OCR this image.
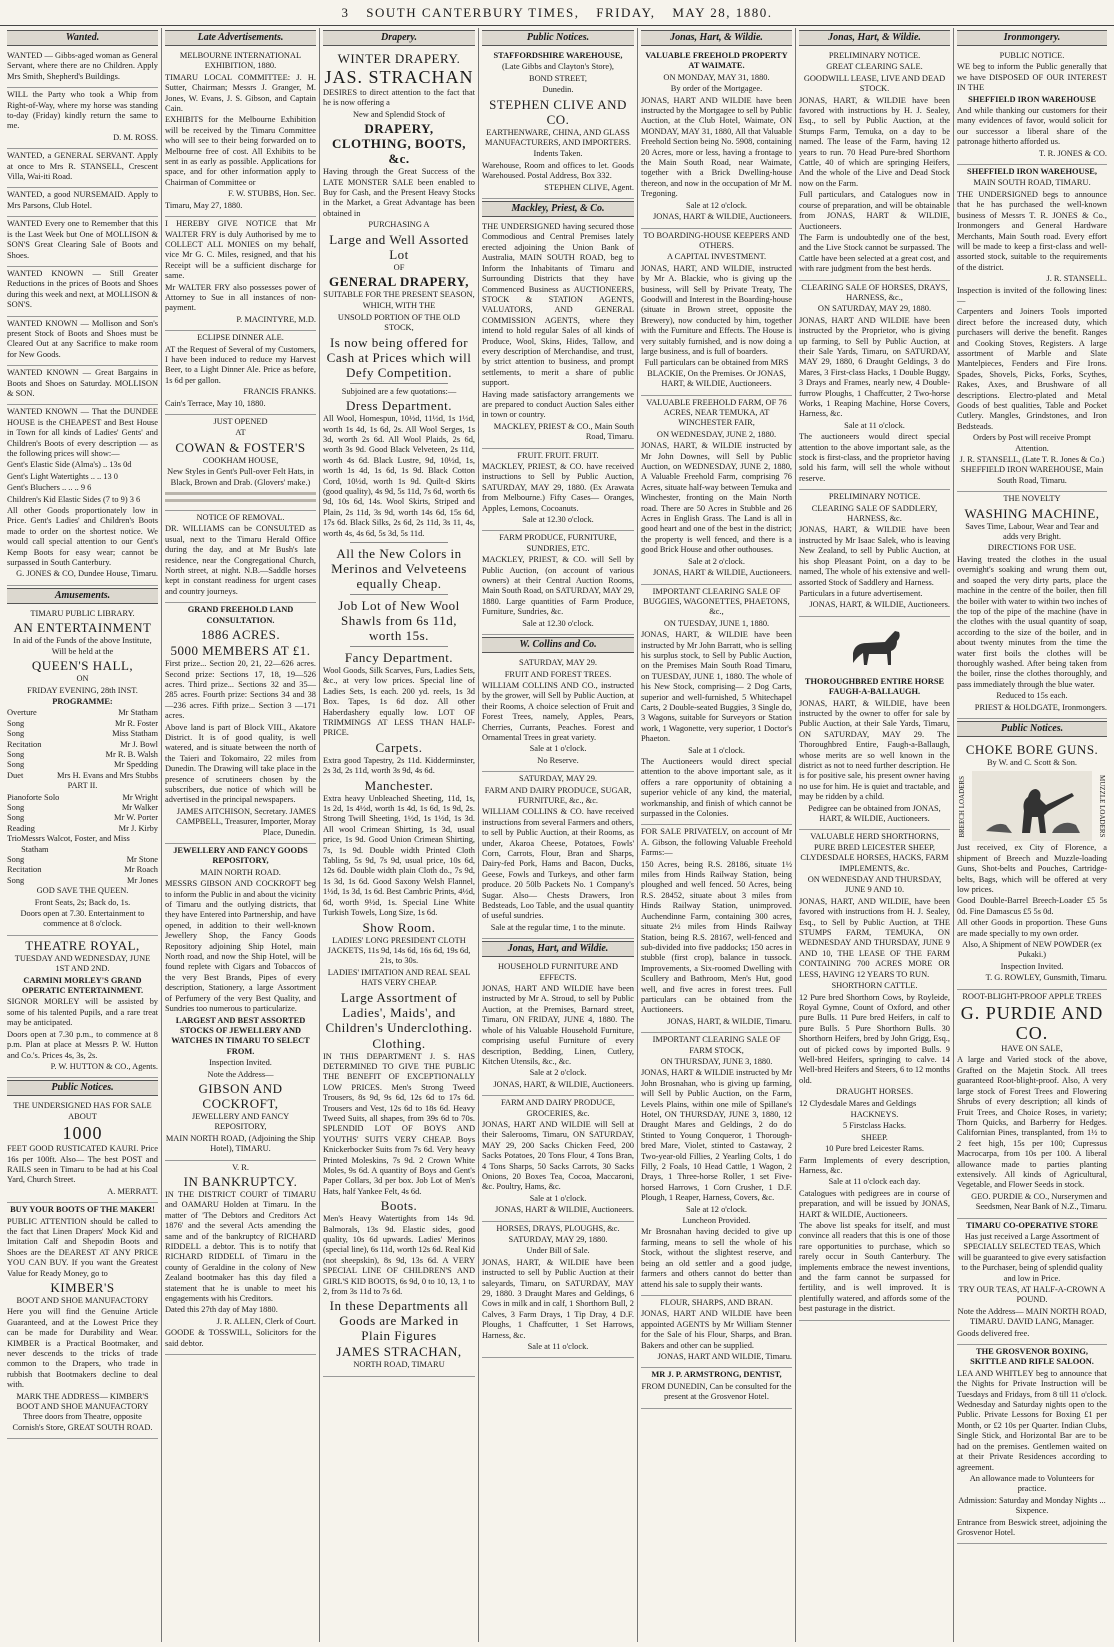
3 SOUTH CANTERBURY TIMES, FRIDAY, MAY 28, 1880.
Wanted.

WANTED — Gibbs-aged woman as General Servant, where there are no Children. Apply Mrs Smith, Shepherd's Buildings.

WILL the Party who took a Whip from Right-of-Way, where my horse was standing to-day (Friday) kindly return the same to me.

D. M. ROSS.

WANTED, a GENERAL SERVANT. Apply at once to Mrs R. STANSELL, Crescent Villa, Wai-iti Road.

WANTED, a good NURSEMAID. Apply to Mrs Parsons, Club Hotel.

WANTED Every one to Remember that this is the Last Week but One of MOLLISON & SON'S Great Clearing Sale of Boots and Shoes.

WANTED KNOWN — Still Greater Reductions in the prices of Boots and Shoes during this week and next, at MOLLISON & SON'S.

WANTED KNOWN — Mollison and Son's present Stock of Boots and Shoes must be Cleared Out at any Sacrifice to make room for New Goods.

WANTED KNOWN — Great Bargains in Boots and Shoes on Saturday. MOLLISON & SON.

WANTED KNOWN — That the DUNDEE HOUSE is the CHEAPEST and Best House in Town for all kinds of Ladies' Gents' and Children's Boots of every description — as the following prices will show:—

Gent's Elastic Side (Alma's) .. 13s 0d

Gent's Light Watertights .. .. 13 0

Gent's Bluchers .. .. .. 9 6

Children's Kid Elastic Sides (7 to 9) 3 6

All other Goods proportionately low in Price. Gent's Ladies' and Children's Boots made to order on the shortest notice. We would call special attention to our Gent's Kemp Boots for easy wear; cannot be surpassed in South Canterbury.

G. JONES & CO, Dundee House, Timaru.

Amusements.

TIMARU PUBLIC LIBRARY.

AN ENTERTAINMENT

In aid of the Funds of the above Institute, Will be held at the

QUEEN'S HALL,

ON

FRIDAY EVENING, 28th INST.

PROGRAMME:

Overture	Mr Statham
Song	Mr R. Foster
Song	Miss Statham
Recitation	Mr J. Bowl
Song	Mr R. B. Walsh
Song	Mr Spedding
Duet	Mrs H. Evans and Mrs Stubbs

PART II.

Pianoforte Solo	Mr Wright
Song	Mr Walker
Song	Mr W. Porter
Reading	Mr J. Kirby
Trio Messrs Walcot, Foster, and Miss Statham
Song	Mr Stone
Recitation	Mr Roach
Song	Mr Jones

GOD SAVE THE QUEEN.

Front Seats, 2s; Back do, 1s.

Doors open at 7.30. Entertainment to commence at 8 o'clock.

THEATRE ROYAL,

TUESDAY AND WEDNESDAY, JUNE 1ST AND 2ND.

CARMINI MORLEY'S GRAND OPERATIC ENTERTAINMENT.

SIGNOR MORLEY will be assisted by some of his talented Pupils, and a rare treat may be anticipated.

Doors open at 7.30 p.m., to commence at 8 p.m. Plan at place at Messrs P. W. Hutton and Co.'s. Prices 4s, 3s, 2s.

P. W. HUTTON & CO., Agents.

Public Notices.

THE UNDERSIGNED HAS FOR SALE ABOUT

1000

FEET GOOD RUSTICATED KAURI. Price 16s per 100ft. Also— The best POST and RAILS seen in Timaru to be had at his Coal Yard, Church Street.

A. MERRATT.

BUY YOUR BOOTS OF THE MAKER!

PUBLIC ATTENTION should be called to the fact that Linen Drapers' Mock Kid and Imitation Calf and Shepodin Boots and Shoes are the DEAREST AT ANY PRICE YOU CAN BUY. If you want the Greatest Value for Ready Money, go to

KIMBER'S

BOOT AND SHOE MANUFACTORY

Here you will find the Genuine Article Guaranteed, and at the Lowest Price they can be made for Durability and Wear. KIMBER is a Practical Bootmaker, and never descends to the tricks of trade common to the Drapers, who trade in rubbish that Bootmakers decline to deal with.

MARK THE ADDRESS— KIMBER'S BOOT AND SHOE MANUFACTORY Three doors from Theatre, opposite Cornish's Store, GREAT SOUTH ROAD.

Late Advertisements.

MELBOURNE INTERNATIONAL EXHIBITION, 1880.

TIMARU LOCAL COMMITTEE: J. H. Sutter, Chairman; Messrs J. Granger, M. Jones, W. Evans, J. S. Gibson, and Captain Cain.

EXHIBITS for the Melbourne Exhibition will be received by the Timaru Committee who will see to their being forwarded on to Melbourne free of cost. All Exhibits to be sent in as early as possible. Applications for space, and for other information apply to Chairman of Committee or

F. W. STUBBS, Hon. Sec.

Timaru, May 27, 1880.

I HEREBY GIVE NOTICE that Mr WALTER FRY is duly Authorised by me to COLLECT ALL MONIES on my behalf, vice Mr G. C. Miles, resigned, and that his Receipt will be a sufficient discharge for same.

Mr WALTER FRY also possesses power of Attorney to Sue in all instances of non-payment.

P. MACINTYRE, M.D.

ECLIPSE DINNER ALE.

AT the Request of Several of my Customers, I have been induced to reduce my Harvest Beer, to a Light Dinner Ale. Price as before, 1s 6d per gallon.

FRANCIS FRANKS.

Cain's Terrace, May 10, 1880.

JUST OPENED

AT

COWAN & FOSTER'S

COOKHAM HOUSE,

New Styles in Gent's Pull-over Felt Hats, in Black, Brown and Drab. (Glovers' make.)

NOTICE OF REMOVAL.

DR. WILLIAMS can be CONSULTED as usual, next to the Timaru Herald Office during the day, and at Mr Bush's late residence, near the Congregational Church, North street, at night. N.B.—Saddle horses kept in constant readiness for urgent cases and country journeys.

GRAND FREEHOLD LAND CONSULTATION.

1886 ACRES.

5000 MEMBERS AT £1.

First prize... Section 20, 21, 22—626 acres. Second prize: Sections 17, 18, 19—526 acres. Third prize... Sections 32 and 35—285 acres. Fourth prize: Sections 34 and 38—236 acres. Fifth prize... Section 3 —171 acres.

Above land is part of Block VIII., Akatore District. It is of good quality, is well watered, and is situate between the north of the Taieri and Tokomairo, 22 miles from Dunedin. The Drawing will take place in the presence of scrutineers chosen by the subscribers, due notice of which will be advertised in the principal newspapers.

JAMES AITCHISON, Secretary. JAMES CAMPBELL, Treasurer, Importer, Moray Place, Dunedin.

JEWELLERY AND FANCY GOODS REPOSITORY,

MAIN NORTH ROAD.

MESSRS GIBSON AND COCKROFT beg to inform the Public in and about the vicinity of Timaru and the outlying districts, that they have Entered into Partnership, and have opened, in addition to their well-known Jewellery Shop, the Fancy Goods Repository adjoining Ship Hotel, main North road, and now the Ship Hotel, will be found replete with Cigars and Tobaccos of the very Best Brands, Pipes of every description, Stationery, a large Assortment of Perfumery of the very Best Quality, and Sundries too numerous to particularize.

LARGEST AND BEST ASSORTED STOCKS OF JEWELLERY AND WATCHES IN TIMARU TO SELECT FROM.

Inspection Invited.

Note the Address—

GIBSON AND COCKROFT,

JEWELLERY AND FANCY REPOSITORY,

MAIN NORTH ROAD, (Adjoining the Ship Hotel), TIMARU.

V. R.

IN BANKRUPTCY.

IN THE DISTRICT COURT of TIMARU and OAMARU Holden at Timaru. In the matter of 'The Debtors and Creditors Act 1876' and the several Acts amending the same and of the bankruptcy of RICHARD RIDDELL a debtor. This is to notify that RICHARD RIDDELL of Timaru in the county of Geraldine in the colony of New Zealand bootmaker has this day filed a statement that he is unable to meet his engagements with his Creditors.

Dated this 27th day of May 1880.

J. R. ALLEN, Clerk of Court.

GOODE & TOSSWILL, Solicitors for the said debtor.

Drapery.

WINTER DRAPERY.

JAS. STRACHAN

DESIRES to direct attention to the fact that he is now offering a

New and Splendid Stock of

DRAPERY, CLOTHING, BOOTS, &c.

Having through the Great Success of the LATE MONSTER SALE been enabled to Buy for Cash, and the Present Heavy Stocks in the Market, a Great Advantage has been obtained in

PURCHASING A

Large and Well Assorted Lot

OF

GENERAL DRAPERY,

SUITABLE FOR THE PRESENT SEASON,

WHICH, WITH THE

UNSOLD PORTION OF THE OLD STOCK,

Is now being offered for Cash at Prices which will Defy Competition.

Subjoined are a few quotations:—

Dress Department.

All Wool, Homespun, 10½d, 11½d, 1s 1½d, worth 1s 4d, 1s 6d, 2s. All Wool Serges, 1s 3d, worth 2s 6d. All Wool Plaids, 2s 6d, worth 3s 9d. Good Black Velveteen, 2s 11d, worth 4s 6d. Black Lustre, 9d, 10½d, 1s, worth 1s 4d, 1s 6d, 1s 9d. Black Cotton Cord, 10½d, worth 1s 9d. Quilt-d Skirts (good quality), 4s 9d, 5s 11d, 7s 6d, worth 6s 9d, 10s 6d, 14s. Wool Skirts, Striped and Plain, 2s 11d, 3s 9d, worth 14s 6d, 15s 6d, 17s 6d. Black Silks, 2s 6d, 2s 11d, 3s 11, 4s, worth 4s, 4s 6d, 5s 3d, 5s 11d.

All the New Colors in Merinos and Velveteens equally Cheap.

Job Lot of New Wool Shawls from 6s 11d, worth 15s.

Fancy Department.

Wool Goods, Silk Scarves, Furs, Ladies Sets, &c., at very low prices. Special line of Ladies Sets, 1s each. 200 yd. reels, 1s 3d Box. Tapes, 1s 6d doz. All other Haberdashery equally low. LOT OF TRIMMINGS AT LESS THAN HALF-PRICE.

Carpets.

Extra good Tapestry, 2s 11d. Kidderminster, 2s 3d, 2s 11d, worth 3s 9d, 4s 6d.

Manchester.

Extra heavy Unbleached Sheeting, 11d, 1s, 1s 2d, 1s 4½d, worth 1s 4d, 1s 6d, 1s 9d, 2s. Strong Twill Sheeting, 1½d, 1s 1½d, 1s 3d. All wool Crimean Shirting, 1s 3d, usual price, 1s 9d. Good Union Crimean Shirting, 7s, 1s 9d. Double width Printed Cloth Tabling, 5s 9d, 7s 9d, usual price, 10s 6d, 12s 6d. Double width plain Cloth do., 7s 9d, 1s 3d, 1s 6d. Good Saxony Welsh Flannel, 1½d, 1s 3d, 1s 6d. Best Cambric Prints, 4½d, 6d, worth 9½d, 1s. Special Line White Turkish Towels, Long Size, 1s 6d.

Show Room.

LADIES' LONG PRESIDENT CLOTH JACKETS, 11s 9d, 14s 6d, 16s 6d, 19s 6d, 21s, to 30s.

LADIES' IMITATION AND REAL SEAL HATS VERY CHEAP.

Large Assortment of Ladies', Maids', and Children's Underclothing.

Clothing.

IN THIS DEPARTMENT J. S. HAS DETERMINED TO GIVE THE PUBLIC THE BENEFIT OF EXCEPTIONALLY LOW PRICES. Men's Strong Tweed Trousers, 8s 9d, 9s 6d, 12s 6d to 17s 6d. Trousers and Vest, 12s 6d to 18s 6d. Heavy Tweed Suits, all shapes, from 39s 6d to 70s. SPLENDID LOT OF BOYS AND YOUTHS' SUITS VERY CHEAP. Boys Knickerbocker Suits from 7s 6d. Very heavy Printed Moleskins, 7s 9d. 2 Crown White Moles, 9s 6d. A quantity of Boys and Gent's Paper Collars, 3d per box. Job Lot of Men's Hats, half Yankee Felt, 4s 6d.

Boots.

Men's Heavy Watertights from 14s 9d. Balmorals, 13s 9d. Elastic sides, good quality, 10s 6d upwards. Ladies' Merinos (special line), 6s 11d, worth 12s 6d. Real Kid (not sheepskin), 8s 9d, 13s 6d. A VERY SPECIAL LINE OF CHILDREN'S AND GIRL'S KID BOOTS, 6s 9d, 0 to 10, 13, 1 to 2, from 3s 11d to 7s 6d.

In these Departments all Goods are Marked in Plain Figures

JAMES STRACHAN,

NORTH ROAD, TIMARU

Public Notices.

STAFFORDSHIRE WAREHOUSE,

(Late Gibbs and Clayton's Store),

BOND STREET,

Dunedin.

STEPHEN CLIVE AND CO.

EARTHENWARE, CHINA, AND GLASS MANUFACTURERS, AND IMPORTERS.

Indents Taken.

Warehouse, Room and offices to let. Goods Warehoused. Postal Address, Box 332.

STEPHEN CLIVE, Agent.

Mackley, Priest, & Co.

THE UNDERSIGNED having secured those Commodious and Central Premises lately erected adjoining the Union Bank of Australia, MAIN SOUTH ROAD, beg to Inform the Inhabitants of Timaru and Surrounding Districts that they have Commenced Business as AUCTIONEERS, STOCK & STATION AGENTS, VALUATORS, AND GENERAL COMMISSION AGENTS, where they intend to hold regular Sales of all kinds of Produce, Wool, Skins, Hides, Tallow, and every description of Merchandise, and trust, by strict attention to business, and prompt settlements, to merit a share of public support.

Having made satisfactory arrangements we are prepared to conduct Auction Sales either in town or country.

MACKLEY, PRIEST & CO., Main South Road, Timaru.

FRUIT. FRUIT. FRUIT.

MACKLEY, PRIEST, & CO. have received instructions to Sell by Public Auction, SATURDAY, MAY 29, 1880. (Ex Arawata from Melbourne.) Fifty Cases— Oranges, Apples, Lemons, Cocoanuts.

Sale at 12.30 o'clock.

FARM PRODUCE, FURNITURE, SUNDRIES, ETC.

MACKLEY, PRIEST, & CO. will Sell by Public Auction, (on account of various owners) at their Central Auction Rooms, Main South Road, on SATURDAY, MAY 29, 1880. Large quantities of Farm Produce, Furniture, Sundries, &c.

Sale at 12.30 o'clock.

W. Collins and Co.

SATURDAY, MAY 29.

FRUIT AND FOREST TREES.

WILLIAM COLLINS AND CO., instructed by the grower, will Sell by Public Auction, at their Rooms, A choice selection of Fruit and Forest Trees, namely, Apples, Pears, Cherries, Currants, Peaches. Forest and Ornamental Trees in great variety.

Sale at 1 o'clock.

No Reserve.

SATURDAY, MAY 29.

FARM AND DAIRY PRODUCE, SUGAR, FURNITURE, &c., &c.

WILLIAM COLLINS & CO. have received instructions from several Farmers and others, to sell by Public Auction, at their Rooms, as under, Akaroa Cheese, Potatoes, Fowls' Corn, Carrots, Flour, Bran and Sharps, Dairy-fed Pork, Hams and Bacon, Ducks, Geese, Fowls and Turkeys, and other farm produce. 20 50lb Packets No. 1 Company's Sugar. Also— Chests Drawers, Iron Bedsteads, Loo Table, and the usual quantity of useful sundries.

Sale at the regular time, 1 to the minute.

Jonas, Hart, and Wildie.

HOUSEHOLD FURNITURE AND EFFECTS.

JONAS, HART AND WILDIE have been instructed by Mr A. Stroud, to sell by Public Auction, at the Premises, Barnard street, Timaru, ON FRIDAY, JUNE 4, 1880. The whole of his Valuable Household Furniture, comprising useful Furniture of every description, Bedding, Linen, Cutlery, Kitchen Utensils, &c., &c.

Sale at 2 o'clock.

JONAS, HART, & WILDIE, Auctioneers.

FARM AND DAIRY PRODUCE, GROCERIES, &c.

JONAS, HART AND WILDIE will Sell at their Salerooms, Timaru, ON SATURDAY, MAY 29, 200 Sacks Chicken Feed, 200 Sacks Potatoes, 20 Tons Flour, 4 Tons Bran, 4 Tons Sharps, 50 Sacks Carrots, 30 Sacks Onions, 20 Boxes Tea, Cocoa, Maccaroni, &c. Poultry, Hams, &c.

Sale at 1 o'clock.

JONAS, HART & WILDIE, Auctioneers.

HORSES, DRAYS, PLOUGHS, &c.

SATURDAY, MAY 29, 1880.

Under Bill of Sale.

JONAS, HART, & WILDIE have been instructed to sell by Public Auction at their saleyards, Timaru, on SATURDAY, MAY 29, 1880. 3 Draught Mares and Geldings, 6 Cows in milk and in calf, 1 Shorthorn Bull, 2 Calves, 3 Farm Drays, 1 Tip Dray, 4 D.F. Ploughs, 1 Chaffcutter, 1 Set Harrows, Harness, &c.

Sale at 11 o'clock.

Jonas, Hart, & Wildie.

VALUABLE FREEHOLD PROPERTY AT WAIMATE.

ON MONDAY, MAY 31, 1880.

By order of the Mortgagee.

JONAS, HART AND WILDIE have been instructed by the Mortgagee to sell by Public Auction, at the Club Hotel, Waimate, ON MONDAY, MAY 31, 1880, All that Valuable Freehold Section being No. 5908, containing 20 Acres, more or less, having a frontage to the Main South Road, near Waimate, together with a Brick Dwelling-house thereon, and now in the occupation of Mr M. Tregoning.

Sale at 12 o'clock.

JONAS, HART & WILDIE, Auctioneers.

TO BOARDING-HOUSE KEEPERS AND OTHERS.

A CAPITAL INVESTMENT.

JONAS, HART, AND WILDIE, instructed by Mr A. Blackie, who is giving up the business, will Sell by Private Treaty, The Goodwill and Interest in the Boarding-house (situate in Brown street, opposite the Brewery), now conducted by him, together with the Furniture and Effects. The House is very suitably furnished, and is now doing a large business, and is full of boarders.

Full particulars can be obtained from MRS BLACKIE, On the Premises. Or JONAS, HART, & WILDIE, Auctioneers.

VALUABLE FREEHOLD FARM, OF 76 ACRES, NEAR TEMUKA, AT WINCHESTER FAIR,

ON WEDNESDAY, JUNE 2, 1880.

JONAS, HART, & WILDIE instructed by Mr John Downes, will Sell by Public Auction, on WEDNESDAY, JUNE 2, 1880, A Valuable Freehold Farm, comprising 76 Acres, situate half-way between Temuka and Winchester, fronting on the Main North road. There are 50 Acres in Stubble and 26 Acres in English Grass. The Land is all in good heart and one of the best in the district; the property is well fenced, and there is a good Brick House and other outhouses.

Sale at 2 o'clock.

JONAS, HART & WILDIE, Auctioneers.

IMPORTANT CLEARING SALE OF BUGGIES, WAGONETTES, PHAETONS, &c.,

ON TUESDAY, JUNE 1, 1880.

JONAS, HART, & WILDIE have been instructed by Mr John Barratt, who is selling his surplus stock, to Sell by Public Auction, on the Premises Main South Road Timaru, on TUESDAY, JUNE 1, 1880. The whole of his New Stock, comprising— 2 Dog Carts, superior and well-furnished, 5 Whitechapel Carts, 2 Double-seated Buggies, 3 Single do, 3 Wagons, suitable for Surveyors or Station work, 1 Wagonette, very superior, 1 Doctor's Phaeton.

Sale at 1 o'clock.

The Auctioneers would direct special attention to the above important sale, as it offers a rare opportunity of obtaining a superior vehicle of any kind, the material, workmanship, and finish of which cannot be surpassed in the Colonies.

FOR SALE PRIVATELY, on account of Mr A. Gibson, the following Valuable Freehold Farms:—

150 Acres, being R.S. 28186, situate 1½ miles from Hinds Railway Station, being ploughed and well fenced. 50 Acres, being R.S. 28452, situate about 3 miles from Hinds Railway Station, unimproved. Auchendinne Farm, containing 300 acres, situate 2½ miles from Hinds Railway Station, being R.S. 28167, well-fenced and sub-divided into five paddocks; 150 acres in stubble (first crop), balance in tussock. Improvements, a Six-roomed Dwelling with Scullery and Bathroom, Men's Hut, good well, and five acres in forest trees. Full particulars can be obtained from the Auctioneers.

JONAS, HART, & WILDIE, Timaru.

IMPORTANT CLEARING SALE OF FARM STOCK,

ON THURSDAY, JUNE 3, 1880.

JONAS, HART & WILDIE instructed by Mr John Brosnahan, who is giving up farming, will Sell by Public Auction, on the Farm, Levels Plains, within one mile of Spillane's Hotel, ON THURSDAY, JUNE 3, 1880, 12 Draught Mares and Geldings, 2 do do Stinted to Young Conqueror, 1 Thorough-bred Mare, Violet, stinted to Castaway, 2 Two-year-old Fillies, 2 Yearling Colts, 1 do Filly, 2 Foals, 10 Head Cattle, 1 Wagon, 2 Drays, 1 Three-horse Roller, 1 set Five-horsed Harrows, 1 Corn Crusher, 1 D.F. Plough, 1 Reaper, Harness, Covers, &c.

Sale at 12 o'clock.

Luncheon Provided.

Mr Brosnahan having decided to give up farming, means to sell the whole of his Stock, without the slightest reserve, and being an old settler and a good judge, farmers and others cannot do better than attend his sale to supply their wants.

FLOUR, SHARPS, AND BRAN.

JONAS, HART AND WILDIE have been appointed AGENTS by Mr William Stenner for the Sale of his Flour, Sharps, and Bran. Bakers and other can be supplied.

JONAS, HART AND WILDIE, Timaru.

MR J. P. ARMSTRONG, DENTIST,

FROM DUNEDIN, Can be consulted for the present at the Grosvenor Hotel.

Jonas, Hart, & Wildie.

PRELIMINARY NOTICE.

GREAT CLEARING SALE.

GOODWILL LEASE, LIVE AND DEAD STOCK.

JONAS, HART, & WILDIE have been favored with instructions by H. J. Sealey, Esq., to sell by Public Auction, at the Stumps Farm, Temuka, on a day to be named. The lease of the Farm, having 12 years to run. 70 Head Pure-bred Shorthorn Cattle, 40 of which are springing Heifers, And the whole of the Live and Dead Stock now on the Farm.

Full particulars, and Catalogues now in course of preparation, and will be obtainable from JONAS, HART & WILDIE, Auctioneers.

The Farm is undoubtedly one of the best, and the Live Stock cannot be surpassed. The Cattle have been selected at a great cost, and with rare judgment from the best herds.

CLEARING SALE OF HORSES, DRAYS, HARNESS, &c.,

ON SATURDAY, MAY 29, 1880.

JONAS, HART AND WILDIE have been instructed by the Proprietor, who is giving up farming, to Sell by Public Auction, at their Sale Yards, Timaru, on SATURDAY, MAY 29, 1880, 6 Draught Geldings, 3 do Mares, 3 First-class Hacks, 1 Double Buggy, 3 Drays and Frames, nearly new, 4 Double-furrow Ploughs, 1 Chaffcutter, 2 Two-horse Works, 1 Reaping Machine, Horse Covers, Harness, &c.

Sale at 11 o'clock.

The auctioneers would direct special attention to the above important sale, as the stock is first-class, and the proprietor having sold his farm, will sell the whole without reserve.

PRELIMINARY NOTICE.

CLEARING SALE OF SADDLERY, HARNESS, &c.

JONAS, HART, & WILDIE have been instructed by Mr Isaac Salek, who is leaving New Zealand, to sell by Public Auction, at his shop Pleasant Point, on a day to be named, The whole of his extensive and well-assorted Stock of Saddlery and Harness.

Particulars in a future advertisement.

JONAS, HART, & WILDIE, Auctioneers.

THOROUGHBRED ENTIRE HORSE FAUGH-A-BALLAUGH.

JONAS, HART, & WILDIE, have been instructed by the owner to offer for sale by Public Auction, at their Sale Yards, Timaru, ON SATURDAY, MAY 29. The Thoroughbred Entire, Faugh-a-Ballaugh, whose merits are so well known in the district as not to need further description. He is for positive sale, his present owner having no use for him. He is quiet and tractable, and may be ridden by a child.

Pedigree can be obtained from JONAS, HART, & WILDIE, Auctioneers.

VALUABLE HERD SHORTHORNS, PURE BRED LEICESTER SHEEP, CLYDESDALE HORSES, HACKS, FARM IMPLEMENTS, &c.

ON WEDNESDAY AND THURSDAY, JUNE 9 AND 10.

JONAS, HART, AND WILDIE, have been favored with instructions from H. J. Sealey, Esq., to Sell by Public Auction, at THE STUMPS FARM, TEMUKA, ON WEDNESDAY AND THURSDAY, JUNE 9 AND 10, THE LEASE OF THE FARM CONTAINING 700 ACRES MORE OR LESS, HAVING 12 YEARS TO RUN.

SHORTHORN CATTLE.

12 Pure bred Shorthorn Cows, by Royleide, Royal Gymne, Count of Oxford, and other pure Bulls. 11 Pure bred Heifers, in calf to pure Bulls. 5 Pure Shorthorn Bulls. 30 Shorthorn Heifers, bred by John Grigg, Esq., out of picked cows by imported Bulls. 9 Well-bred Heifers, springing to calve. 14 Well-bred Heifers and Steers, 6 to 12 months old.

DRAUGHT HORSES.

12 Clydesdale Mares and Geldings

HACKNEYS.

5 Firstclass Hacks.

SHEEP.

10 Pure bred Leicester Rams.

Farm Implements of every description, Harness, &c.

Sale at 11 o'clock each day.

Catalogues with pedigrees are in course of preparation, and will be issued by JONAS, HART & WILDIE, Auctioneers.

The above list speaks for itself, and must convince all readers that this is one of those rare opportunities to purchase, which so rarely occur in South Canterbury. The implements embrace the newest inventions, and the farm cannot be surpassed for fertility, and is well improved. It is plentifully watered, and affords some of the best pasturage in the district.

Ironmongery.

PUBLIC NOTICE.

WE beg to inform the Public generally that we have DISPOSED OF OUR INTEREST IN THE

SHEFFIELD IRON WAREHOUSE

And while thanking our customers for their many evidences of favor, would solicit for our successor a liberal share of the patronage hitherto afforded us.

T. R. JONES & CO.

SHEFFIELD IRON WAREHOUSE,

MAIN SOUTH ROAD, TIMARU.

THE UNDERSIGNED begs to announce that he has purchased the well-known business of Messrs T. R. JONES & Co., Ironmongers and General Hardware Merchants, Main South road. Every effort will be made to keep a first-class and well-assorted stock, suitable to the requirements of the district.

J. R. STANSELL.

Inspection is invited of the following lines:—

Carpenters and Joiners Tools imported direct before the increased duty, which purchasers will derive the benefit. Ranges and Cooking Stoves, Registers. A large assortment of Marble and Slate Mantelpieces, Fenders and Fire Irons. Spades, Shovels, Picks, Forks, Scythes, Rakes, Axes, and Brushware of all descriptions. Electro-plated and Metal Goods of best qualities, Table and Pocket Cutlery. Mangles, Grindstones, and Iron Bedsteads.

Orders by Post will receive Prompt Attention.

J. R. STANSELL, (Late T. R. Jones & Co.) SHEFFIELD IRON WAREHOUSE, Main South Road, Timaru.

THE NOVELTY

WASHING MACHINE,

Saves Time, Labour, Wear and Tear and adds very Bright.

DIRECTIONS FOR USE.

Having treated the clothes in the usual overnight's soaking and wrung them out, and soaped the very dirty parts, place the machine in the centre of the boiler, then fill the boiler with water to within two inches of the top of the pipe of the machine (have in the clothes with the usual quantity of soap, according to the size of the boiler, and in about twenty minutes from the time the water first boils the clothes will be thoroughly washed. After being taken from the boiler, rinse the clothes thoroughly, and pass immediately through the blue water.

Reduced to 15s each.

PRIEST & HOLDGATE, Ironmongers.

Public Notices.

CHOKE BORE GUNS.

By W. and C. Scott & Son.

BREECH LOADERS	MUZZLE LOADERS

Just received, ex City of Florence, a shipment of Breech and Muzzle-loading Guns, Shot-belts and Pouches, Cartridge-belts, Bags, which will be offered at very low prices.

Good Double-Barrel Breech-Loader £5 5s 0d. Fine Damascus £5 5s 0d.

All other Goods in proportion. These Guns are made specially to my own order.

Also, A Shipment of NEW POWDER (ex Pukaki.)

Inspection Invited.

T. G. ROWLEY, Gunsmith, Timaru.

ROOT-BLIGHT-PROOF APPLE TREES

G. PURDIE AND CO.

HAVE ON SALE,

A large and Varied stock of the above, Grafted on the Majetin Stock. All trees guaranteed Root-blight-proof. Also, A very large stock of Forest Trees and Flowering Shrubs of every description; all kinds of Fruit Trees, and Choice Roses, in variety; Thorn Quicks, and Barberry for Hedges. Californian Pines, transplanted, from 1½ to 2 feet high, 15s per 100; Cupressus Macrocarpa, from 10s per 100. A liberal allowance made to parties planting extensively. All kinds of Agricultural, Vegetable, and Flower Seeds in stock.

GEO. PURDIE & CO., Nurserymen and Seedsmen, Near Bank of N.Z., Timaru.

TIMARU CO-OPERATIVE STORE

Has just received a Large Assortment of SPECIALLY SELECTED TEAS, Which will be guaranteed to give every satisfaction to the Purchaser, being of splendid quality and low in Price.

TRY OUR TEAS, AT HALF-A-CROWN A POUND.

Note the Address— MAIN NORTH ROAD, TIMARU. DAVID LANG, Manager.

Goods delivered free.

THE GROSVENOR BOXING, SKITTLE AND RIFLE SALOON.

LEA AND WHITLEY beg to announce that the Nights for Private Instruction will be Tuesdays and Fridays, from 8 till 11 o'clock. Wednesday and Saturday nights open to the Public. Private Lessons for Boxing £1 per Month, or £2 10s per Quarter. Indian Clubs, Single Stick, and Horizontal Bar are to be had on the premises. Gentlemen waited on at their Private Residences according to agreement.

An allowance made to Volunteers for practice.

Admission: Saturday and Monday Nights ... Sixpence.

Entrance from Beswick street, adjoining the Grosvenor Hotel.
